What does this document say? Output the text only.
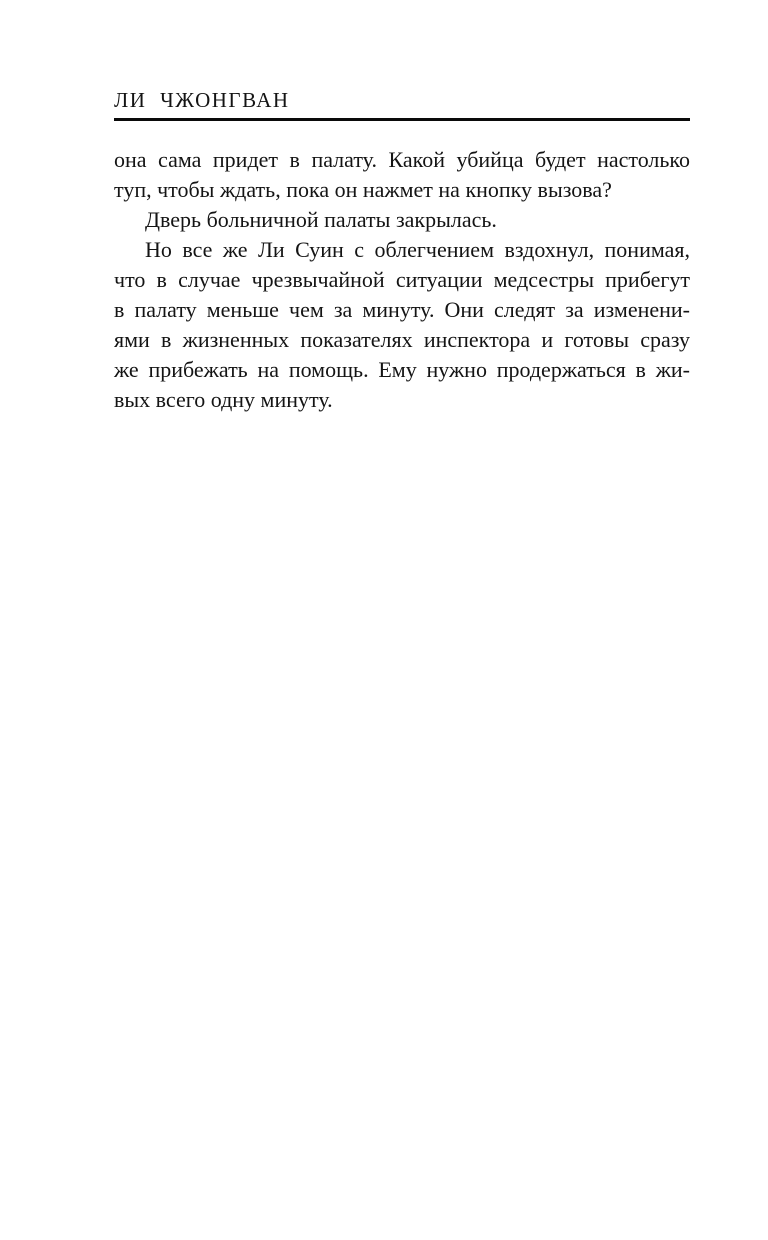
ЛИ ЧЖОНГВАН
она сама придет в палату. Какой убийца будет настолько
туп, чтобы ждать, пока он нажмет на кнопку вызова?
Дверь больничной палаты закрылась.
Но все же Ли Суин с облегчением вздохнул, понимая,
что в случае чрезвычайной ситуации медсестры прибегут
в палату меньше чем за минуту. Они следят за изменени-
ями в жизненных показателях инспектора и готовы сразу
же прибежать на помощь. Ему нужно продержаться в жи-
вых всего одну минуту.
